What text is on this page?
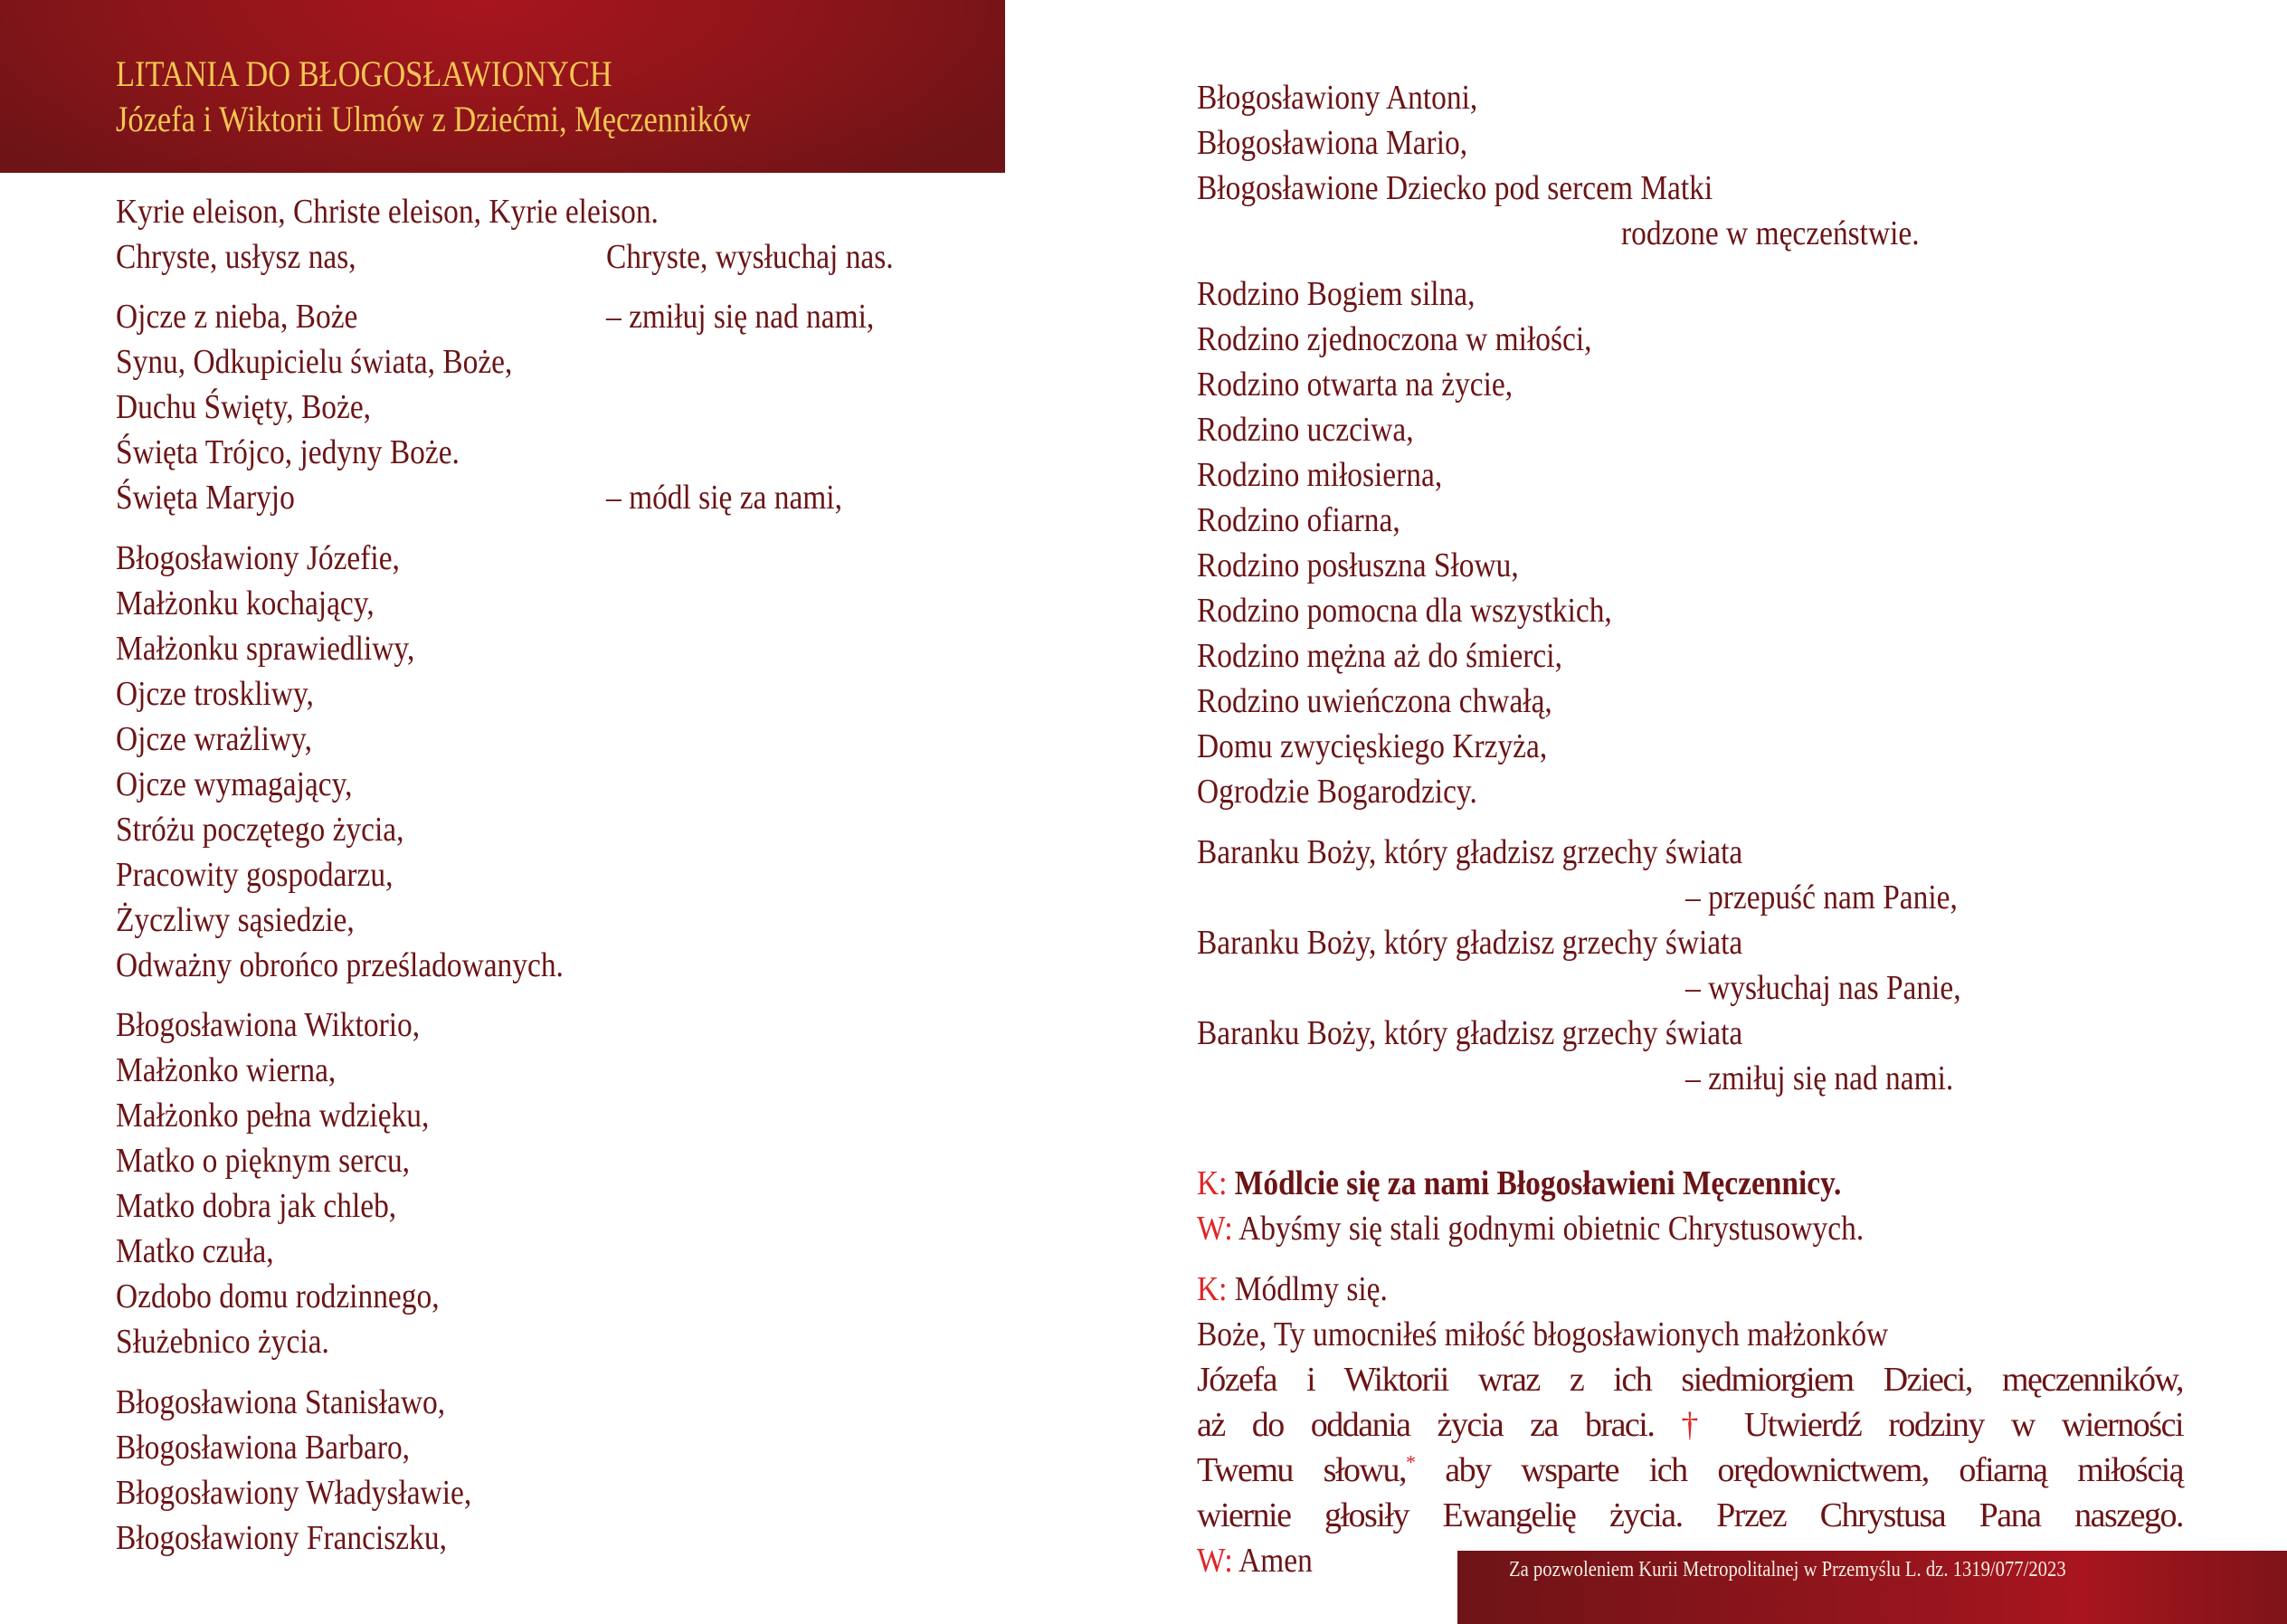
LITANIA DO BŁOGOSŁAWIONYCH
Józefa i Wiktorii Ulmów z Dziećmi, Męczenników
Kyrie eleison, Christe eleison, Kyrie eleison.
Chryste, usłysz nas,	Chryste, wysłuchaj nas.
Ojcze z nieba, Boże	– zmiłuj się nad nami,
Synu, Odkupicielu świata, Boże,
Duchu Święty, Boże,
Święta Trójco, jedyny Boże.
Święta Maryjo	– módl się za nami,
Błogosławiony Józefie,
Małżonku kochający,
Małżonku sprawiedliwy,
Ojcze troskliwy,
Ojcze wrażliwy,
Ojcze wymagający,
Stróżu poczętego życia,
Pracowity gospodarzu,
Życzliwy sąsiedzie,
Odważny obrońco prześladowanych.
Błogosławiona Wiktorio,
Małżonko wierna,
Małżonko pełna wdzięku,
Matko o pięknym sercu,
Matko dobra jak chleb,
Matko czuła,
Ozdobo domu rodzinnego,
Służebnico życia.
Błogosławiona Stanisławo,
Błogosławiona Barbaro,
Błogosławiony Władysławie,
Błogosławiony Franciszku,
Błogosławiony Antoni,
Błogosławiona Mario,
Błogosławione Dziecko pod sercem Matki
rodzone w męczeństwie.
Rodzino Bogiem silna,
Rodzino zjednoczona w miłości,
Rodzino otwarta na życie,
Rodzino uczciwa,
Rodzino miłosierna,
Rodzino ofiarna,
Rodzino posłuszna Słowu,
Rodzino pomocna dla wszystkich,
Rodzino mężna aż do śmierci,
Rodzino uwieńczona chwałą,
Domu zwycięskiego Krzyża,
Ogrodzie Bogarodzicy.
Baranku Boży, który gładzisz grzechy świata
– przepuść nam Panie,
Baranku Boży, który gładzisz grzechy świata
– wysłuchaj nas Panie,
Baranku Boży, który gładzisz grzechy świata
– zmiłuj się nad nami.
K: Módlcie się za nami Błogosławieni Męczennicy.
W: Abyśmy się stali godnymi obietnic Chrystusowych.
K: Módlmy się.
Boże, Ty umocniłeś miłość błogosławionych małżonków
Józefa i Wiktorii wraz z ich siedmiorgiem Dzieci, męczenników,
aż do oddania życia za braci. † Utwierdź rodziny w wierności
Twemu słowu,* aby wsparte ich orędownictwem, ofiarną miłością
wiernie głosiły Ewangelię życia. Przez Chrystusa Pana naszego.
W: Amen	Za pozwoleniem Kurii Metropolitalnej w Przemyślu L. dz. 1319/077/2023
